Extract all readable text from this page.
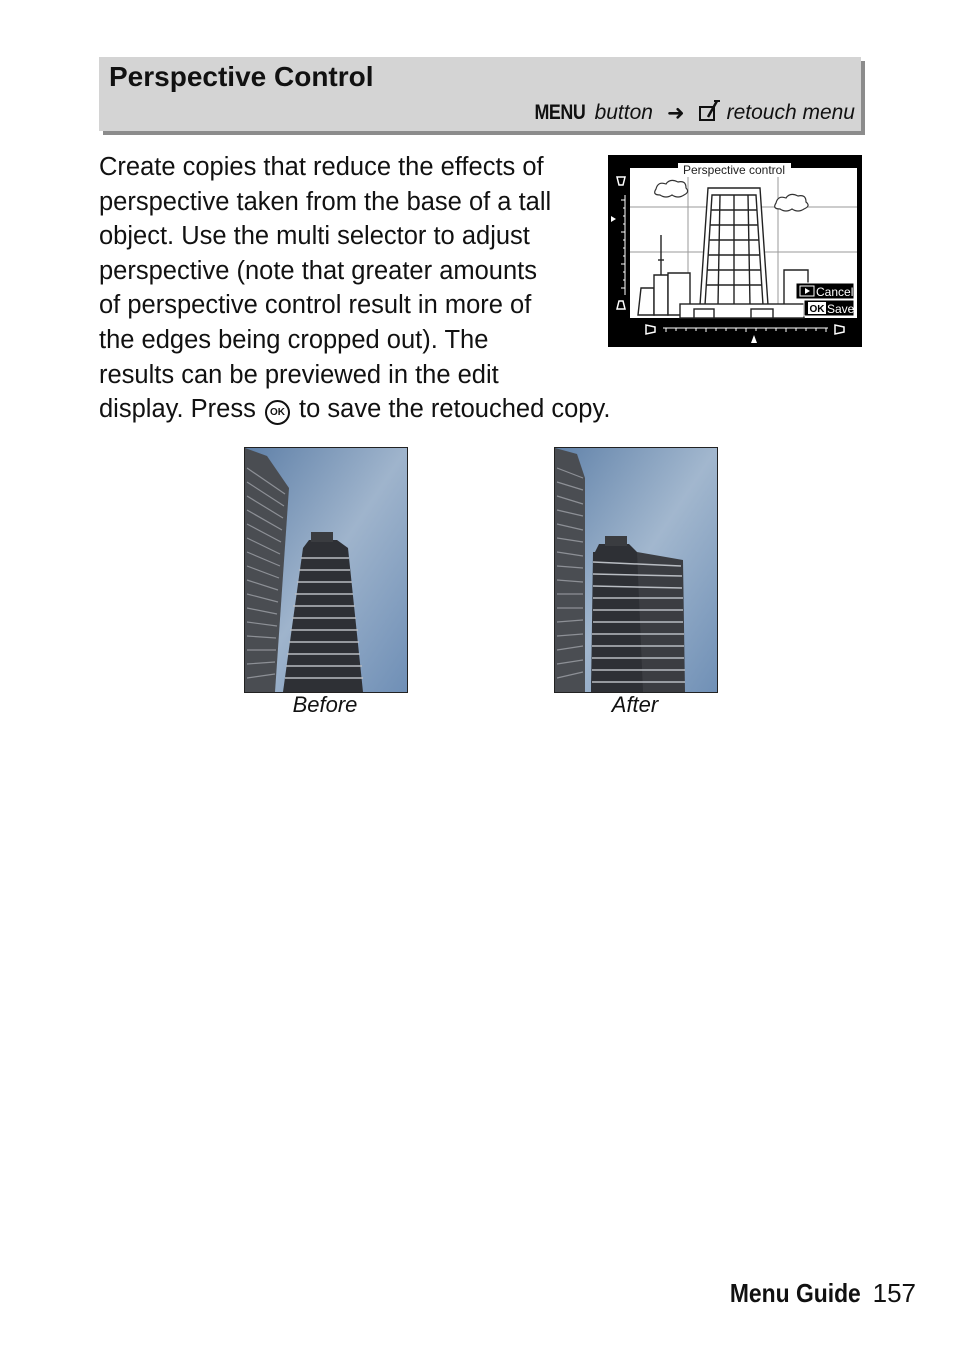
Perspective Control
MENU button ➜ retouch menu
Create copies that reduce the effects of
perspective taken from the base of a tall
object. Use the multi selector to adjust
perspective (note that greater amounts
of perspective control result in more of
the edges being cropped out). The
results can be previewed in the edit
display. Press OK to save the retouched copy.
Perspective control
Cancel
OK Save
Before	After
Menu Guide 157
